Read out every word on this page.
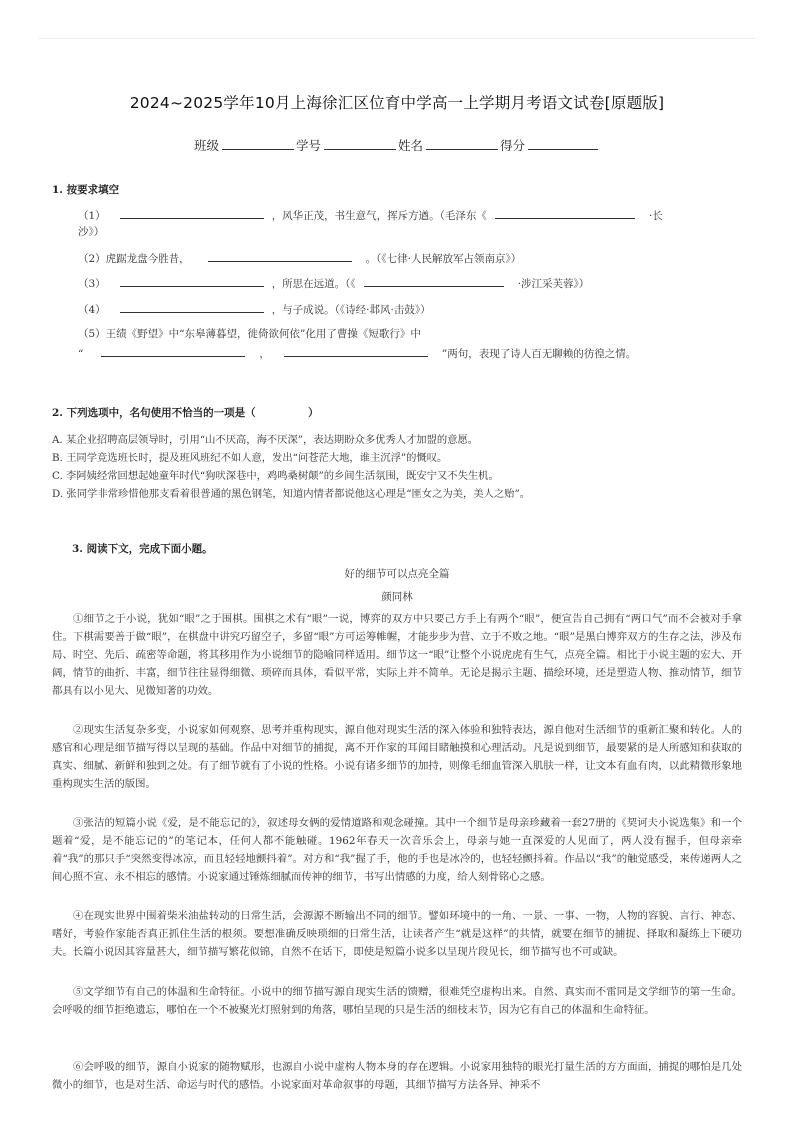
2024~2025学年10月上海徐汇区位育中学高一上学期月考语文试卷[原题版]
班级	学号	姓名	得分
1. 按要求填空
（1）	，风华正茂，书生意气，挥斥方遒。（毛泽东《	·长
沙》）
（2）虎踞龙盘今胜昔，	。（《七律·人民解放军占领南京》）
（3）	，所思在远道。（《	·涉江采芙蓉》）
（4）	，与子成说。（《诗经·邶风·击鼓》）
（5）王绩《野望》中“东皋薄暮望，徙倚欲何依”化用了曹操《短歌行》中
“	，	”两句，表现了诗人百无聊赖的彷徨之情。
2. 下列选项中，名句使用不恰当的一项是（　　　　　）
A. 某企业招聘高层领导时，引用“山不厌高，海不厌深”，表达期盼众多优秀人才加盟的意愿。
B. 王同学竞选班长时，提及班风班纪不如人意，发出“问苍茫大地，谁主沉浮”的慨叹。
C. 李阿姨经常回想起她童年时代“狗吠深巷中，鸡鸣桑树颠”的乡间生活氛围，既安宁又不失生机。
D. 张同学非常珍惜他那支看着很普通的黑色钢笔，知道内情者都说他这心理是“匪女之为美，美人之贻”。
3. 阅读下文，完成下面小题。
好的细节可以点亮全篇
颜同林

①细节之于小说，犹如“眼”之于围棋。围棋之术有“眼”一说，博弈的双方中只要己方手上有两个“眼”，便宣告自己拥有“两口气”而不会被对手拿住。下棋需要善于做“眼”，在棋盘中讲究巧留空子，多留“眼”方可运筹帷幄，才能步步为营、立于不败之地。“眼”是黑白博弈双方的生存之法，涉及布局、时空、先后、疏密等命题，将其移用作为小说细节的隐喻同样适用。细节这一“眼”让整个小说虎虎有生气，点亮全篇。相比于小说主题的宏大、开阔，情节的曲折、丰富，细节往往显得细微、琐碎而具体，看似平常，实际上并不简单。无论是揭示主题、描绘环境，还是塑造人物、推动情节，细节都具有以小见大、见微知著的功效。

②现实生活复杂多变，小说家如何观察、思考并重构现实，源自他对现实生活的深入体验和独特表达，源自他对生活细节的重新汇聚和转化。人的感官和心理是细节描写得以呈现的基础。作品中对细节的捕捉，离不开作家的耳闻目睹触摸和心理活动。凡是说到细节，最要紧的是人所感知和获取的真实、细腻、新鲜和独到之处。有了细节就有了小说的性格。小说有诸多细节的加持，则像毛细血管深入肌肤一样，让文本有血有肉，以此精微形象地重构现实生活的版图。

③张洁的短篇小说《爱，是不能忘记的》，叙述母女俩的爱情道路和观念碰撞。其中一个细节是母亲珍藏着一套27册的《契诃夫小说选集》和一个题着“爱，是不能忘记的”的笔记本，任何人都不能触碰。1962年春天一次音乐会上，母亲与她一直深爱的人见面了，两人没有握手，但母亲牵着“我”的那只手“突然变得冰凉，而且轻轻地颤抖着”。对方和“我”握了手，他的手也是冰冷的，也轻轻颤抖着。作品以“我”的触觉感受，来传递两人之间心照不宣、永不相忘的感情。小说家通过锤炼细腻而传神的细节，书写出情感的力度，给人刻骨铭心之感。

④在现实世界中围着柴米油盐转动的日常生活，会源源不断输出不同的细节。譬如环境中的一角、一景、一事、一物，人物的容貌、言行、神态、嗜好，考验作家能否真正抓住生活的根须。要想准确反映琐细的日常生活，让读者产生“就是这样”的共情，就要在细节的捕捉、择取和凝练上下硬功夫。长篇小说因其容量甚大，细节描写繁花似锦，自然不在话下，即使是短篇小说多以呈现片段见长，细节描写也不可或缺。

⑤文学细节有自己的体温和生命特征。小说中的细节描写源自现实生活的馈赠，很难凭空虚构出来。自然、真实而不雷同是文学细节的第一生命。会呼吸的细节拒绝遗忘，哪怕在一个不被聚光灯照射到的角落，哪怕呈现的只是生活的细枝末节，因为它有自己的体温和生命特征。

⑥会呼吸的细节，源自小说家的随物赋形，也源自小说中虚构人物本身的存在逻辑。小说家用独特的眼光打量生活的方方面面，捕捉的哪怕是几处微小的细节，也是对生活、命运与时代的感悟。小说家面对革命叙事的母题，其细节描写方法各异、神采不
